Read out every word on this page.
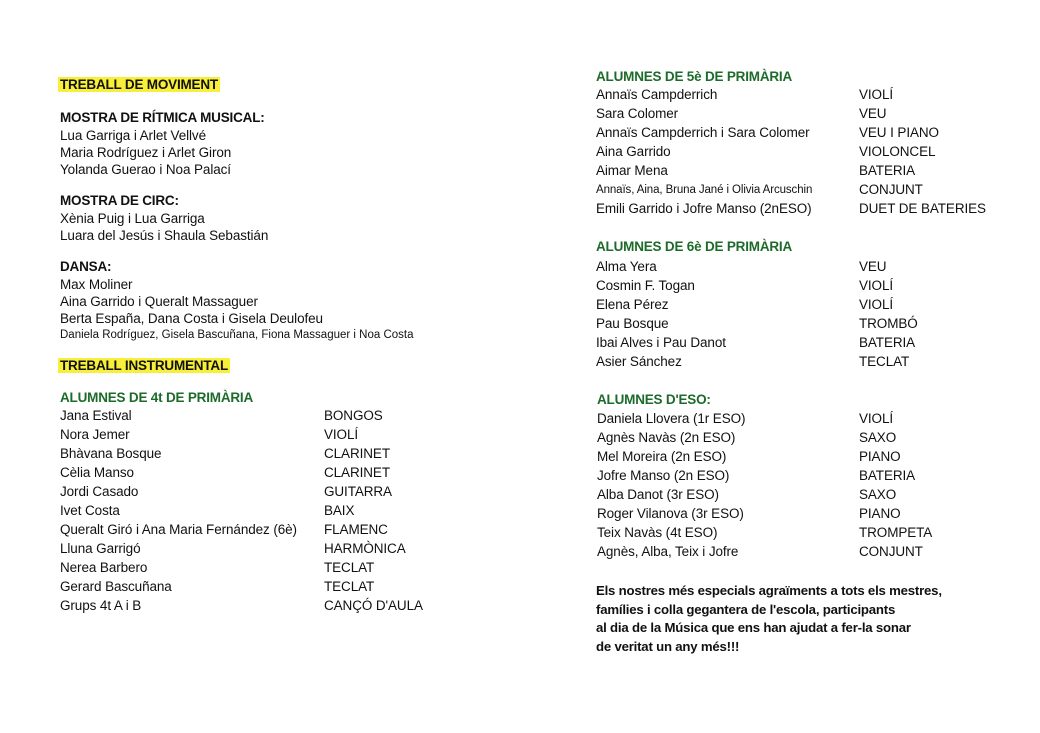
TREBALL DE MOVIMENT
MOSTRA DE RÍTMICA MUSICAL:
Lua Garriga i Arlet Vellvé
Maria Rodríguez i Arlet Giron
Yolanda Guerao i Noa Palací
MOSTRA DE CIRC:
Xènia Puig i Lua Garriga
Luara del Jesús i Shaula Sebastián
DANSA:
Max Moliner
Aina Garrido i Queralt Massaguer
Berta España, Dana Costa i Gisela Deulofeu
Daniela Rodríguez, Gisela Bascuñana, Fiona Massaguer i Noa Costa
TREBALL INSTRUMENTAL
ALUMNES DE 4t DE PRIMÀRIA
Jana Estival	BONGOS
Nora Jemer	VIOLÍ
Bhàvana Bosque	CLARINET
Cèlia Manso	CLARINET
Jordi Casado	GUITARRA
Ivet Costa	BAIX
Queralt Giró i Ana Maria Fernández (6è) FLAMENC
Lluna Garrigó	HARMÒNICA
Nerea Barbero	TECLAT
Gerard Bascuñana	TECLAT
Grups 4t A i B	CANÇÓ D'AULA
ALUMNES DE 5è DE PRIMÀRIA
Annaïs Campderrich	VIOLÍ
Sara Colomer	VEU
Annaïs Campderrich i Sara Colomer	VEU I PIANO
Aina Garrido	VIOLONCEL
Aimar Mena	BATERIA
Annaïs, Aina, Bruna Jané i Olivia Arcuschin	CONJUNT
Emili Garrido i Jofre Manso (2nESO)	DUET DE BATERIES
ALUMNES DE 6è DE PRIMÀRIA
Alma Yera	VEU
Cosmin F. Togan	VIOLÍ
Elena Pérez	VIOLÍ
Pau Bosque	TROMBÓ
Ibai Alves i Pau Danot	BATERIA
Asier Sánchez	TECLAT
ALUMNES D'ESO:
Daniela Llovera (1r ESO)	VIOLÍ
Agnès Navàs (2n ESO)	SAXO
Mel Moreira (2n ESO)	PIANO
Jofre Manso (2n ESO)	BATERIA
Alba Danot (3r ESO)	SAXO
Roger Vilanova (3r ESO)	PIANO
Teix Navàs (4t ESO)	TROMPETA
Agnès, Alba, Teix i Jofre	CONJUNT
Els nostres més especials agraïments a tots els mestres,
famílies i colla gegantera de l'escola, participants
al dia de la Música que ens han ajudat a fer-la sonar
de veritat un any més!!!
